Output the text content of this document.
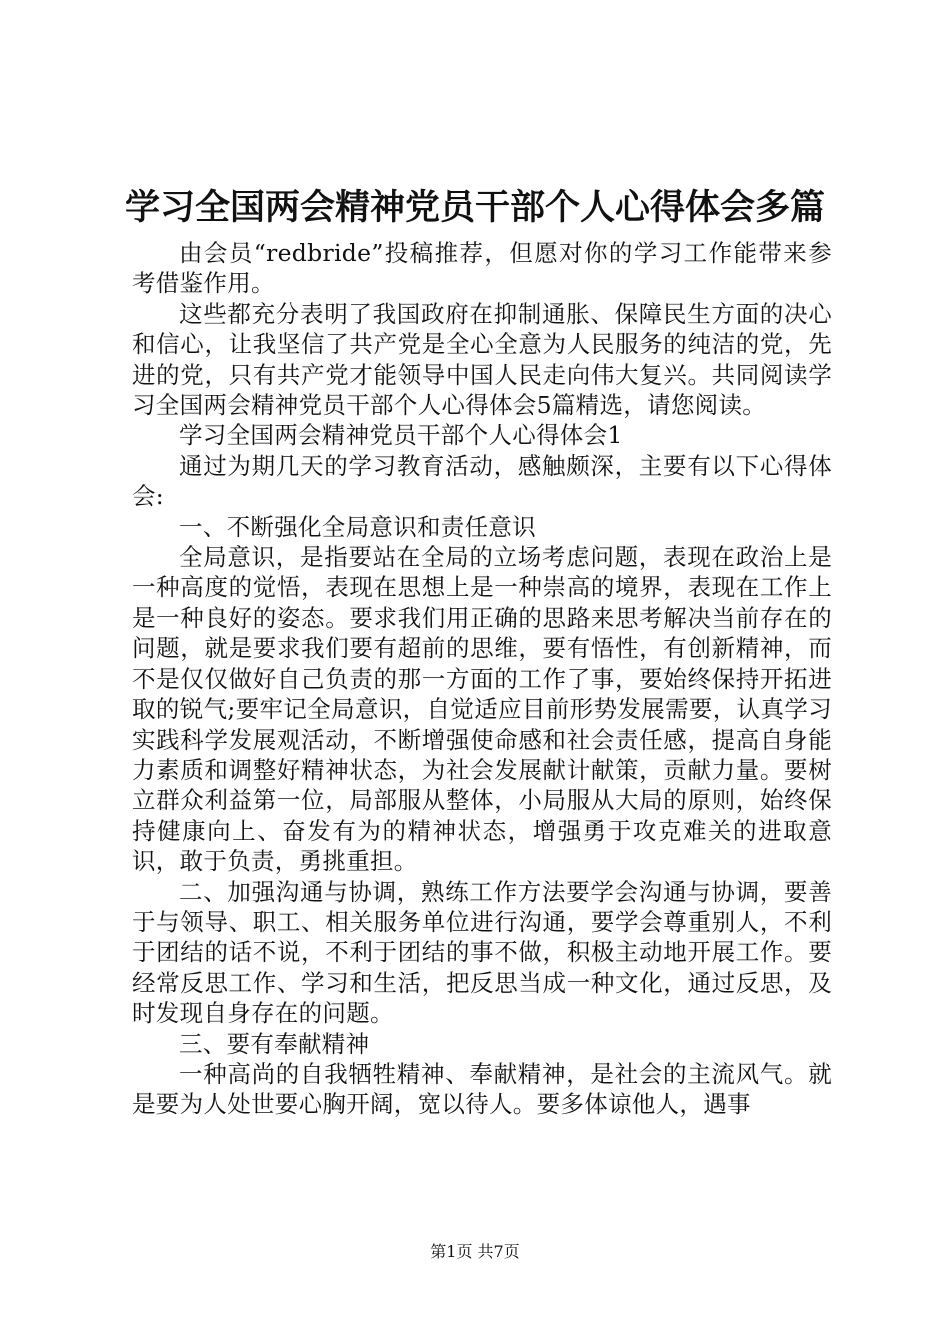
学习全国两会精神党员干部个人心得体会多篇

由会员“redbride”投稿推荐，但愿对你的学习工作能带来参考借鉴作用。

这些都充分表明了我国政府在抑制通胀、保障民生方面的决心和信心，让我坚信了共产党是全心全意为人民服务的纯洁的党，先进的党，只有共产党才能领导中国人民走向伟大复兴。共同阅读学习全国两会精神党员干部个人心得体会5篇精选，请您阅读。

学习全国两会精神党员干部个人心得体会1

通过为期几天的学习教育活动，感触颇深，主要有以下心得体会:

一、不断强化全局意识和责任意识

全局意识，是指要站在全局的立场考虑问题，表现在政治上是一种高度的觉悟，表现在思想上是一种崇高的境界，表现在工作上是一种良好的姿态。要求我们用正确的思路来思考解决当前存在的问题，就是要求我们要有超前的思维，要有悟性，有创新精神，而不是仅仅做好自己负责的那一方面的工作了事，要始终保持开拓进取的锐气;要牢记全局意识，自觉适应目前形势发展需要，认真学习实践科学发展观活动，不断增强使命感和社会责任感，提高自身能力素质和调整好精神状态，为社会发展献计献策，贡献力量。要树立群众利益第一位，局部服从整体，小局服从大局的原则，始终保持健康向上、奋发有为的精神状态，增强勇于攻克难关的进取意识，敢于负责，勇挑重担。

二、加强沟通与协调，熟练工作方法要学会沟通与协调，要善于与领导、职工、相关服务单位进行沟通，要学会尊重别人，不利于团结的话不说，不利于团结的事不做，积极主动地开展工作。要经常反思工作、学习和生活，把反思当成一种文化，通过反思，及时发现自身存在的问题。

三、要有奉献精神

一种高尚的自我牺牲精神、奉献精神，是社会的主流风气。就是要为人处世要心胸开阔，宽以待人。要多体谅他人，遇事

第1页 共7页
